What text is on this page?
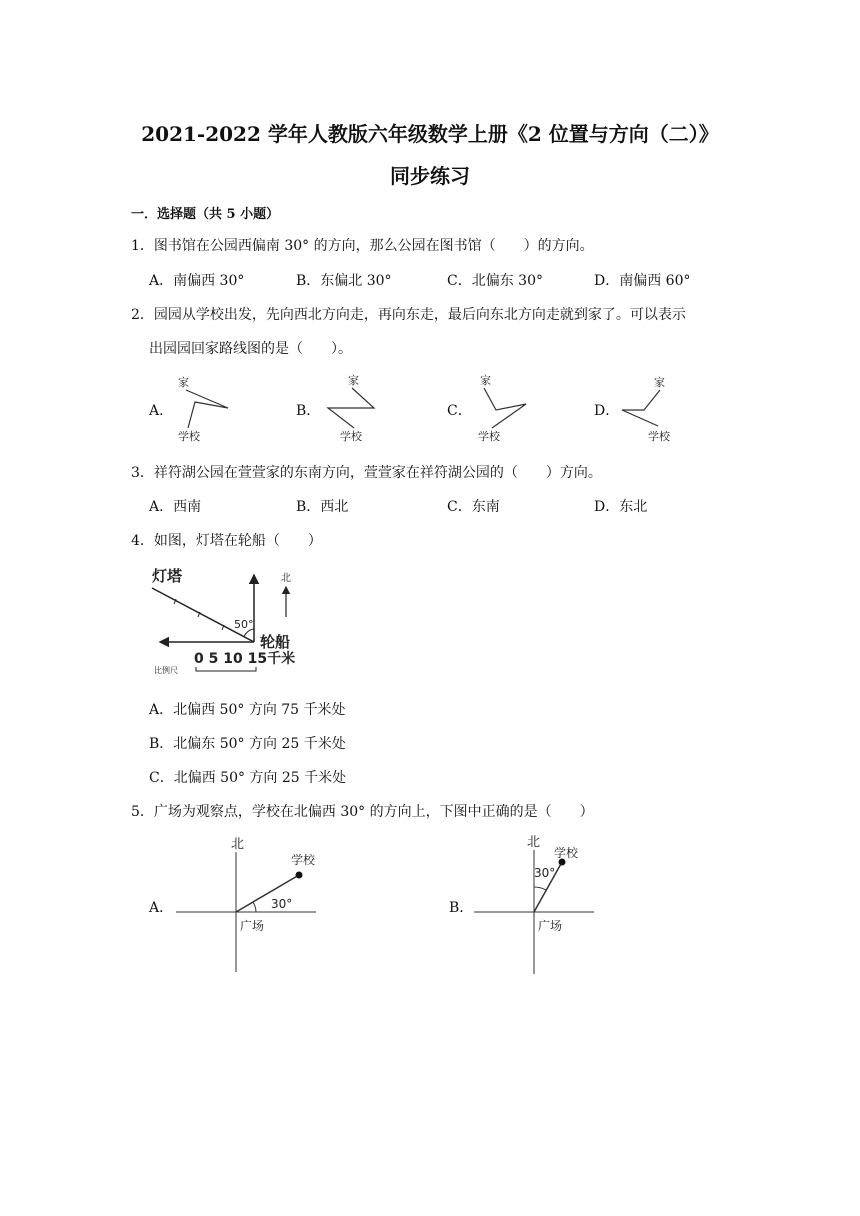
2021-2022 学年人教版六年级数学上册《2 位置与方向（二）》
同步练习
一．选择题（共 5 小题）
1．图书馆在公园西偏南 30° 的方向，那么公园在图书馆（　　）的方向。
A．南偏西 30°	B．东偏北 30°	C．北偏东 30°	D．南偏西 60°
2．园园从学校出发，先向西北方向走，再向东走，最后向东北方向走就到家了。可以表示
出园园回家路线图的是（　　）。
A．
家
学校
B．
家
学校
C．
家
学校
D．
家
学校
3．祥符湖公园在萱萱家的东南方向，萱萱家在祥符湖公园的（　　）方向。
A．西南	B．西北	C．东南	D．东北
4．如图，灯塔在轮船（　　）
灯塔
50°
北
轮船
0 5 10 15千米
比例尺
A．北偏西 50° 方向 75 千米处
B．北偏东 50° 方向 25 千米处
C．北偏西 50° 方向 25 千米处
5．广场为观察点，学校在北偏西 30° 的方向上，下图中正确的是（　　）
A．
北
学校
30°
广场
B．
北
学校
30°
广场
